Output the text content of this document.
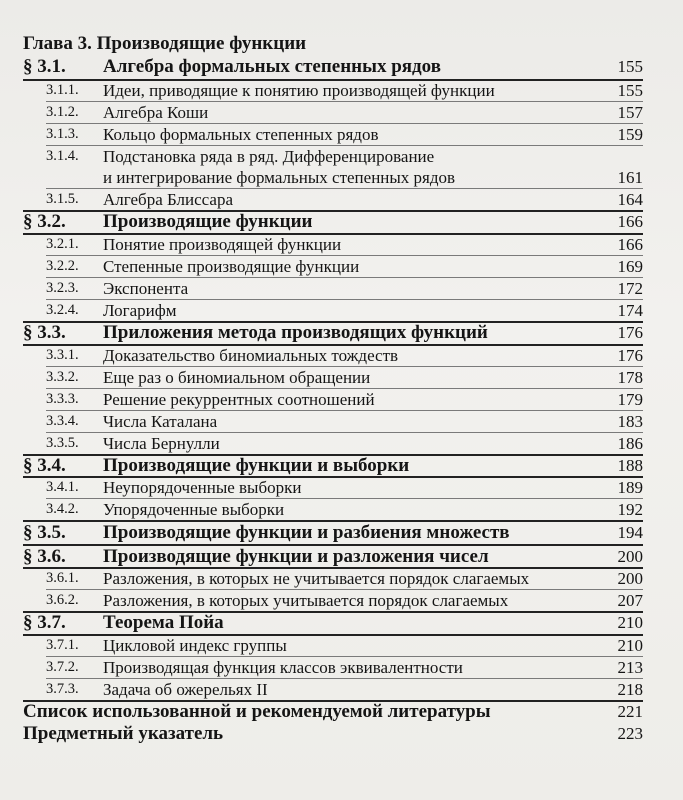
Глава 3. Производящие функции
§ 3.1. Алгебра формальных степенных рядов	155
3.1.1. Идеи, приводящие к понятию производящей функции	155
3.1.2. Алгебра Коши	157
3.1.3. Кольцо формальных степенных рядов	159
3.1.4. Подстановка ряда в ряд. Дифференцирование
и интегрирование формальных степенных рядов	161
3.1.5. Алгебра Блиссара	164
§ 3.2. Производящие функции	166
3.2.1. Понятие производящей функции	166
3.2.2. Степенные производящие функции	169
3.2.3. Экспонента	172
3.2.4. Логарифм	174
§ 3.3. Приложения метода производящих функций	176
3.3.1. Доказательство биномиальных тождеств	176
3.3.2. Еще раз о биномиальном обращении	178
3.3.3. Решение рекуррентных соотношений	179
3.3.4. Числа Каталана	183
3.3.5. Числа Бернулли	186
§ 3.4. Производящие функции и выборки	188
3.4.1. Неупорядоченные выборки	189
3.4.2. Упорядоченные выборки	192
§ 3.5. Производящие функции и разбиения множеств	194
§ 3.6. Производящие функции и разложения чисел	200
3.6.1. Разложения, в которых не учитывается порядок слагаемых	200
3.6.2. Разложения, в которых учитывается порядок слагаемых	207
§ 3.7. Теорема Пойа	210
3.7.1. Цикловой индекс группы	210
3.7.2. Производящая функция классов эквивалентности	213
3.7.3. Задача об ожерельях II	218
Список использованной и рекомендуемой литературы	221
Предметный указатель	223
